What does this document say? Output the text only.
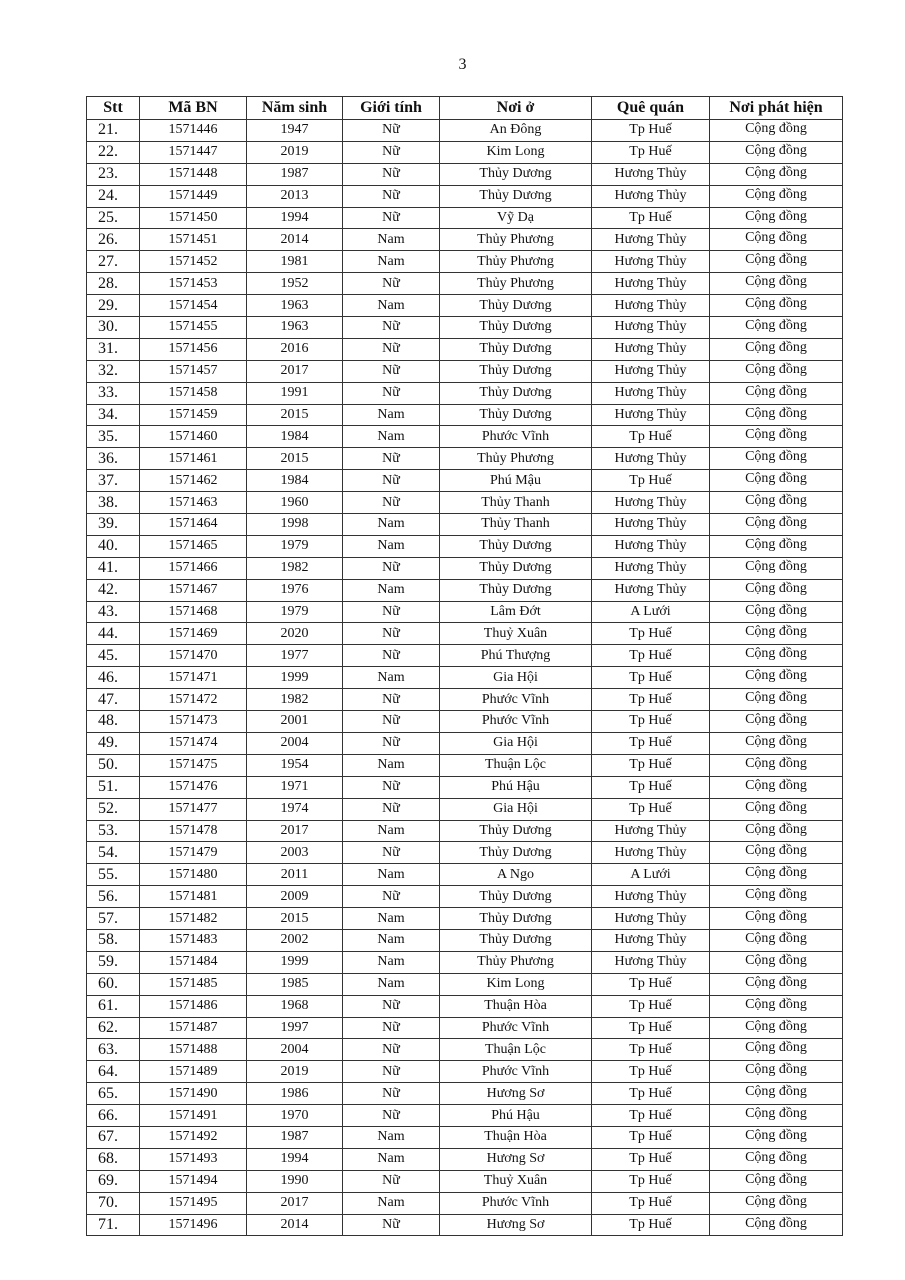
3
Stt	Mã BN	Năm sinh	Giới tính	Nơi ở	Quê quán	Nơi phát hiện
21.	1571446	1947	Nữ	An Đông	Tp Huế	Cộng đồng
22.	1571447	2019	Nữ	Kim Long	Tp Huế	Cộng đồng
23.	1571448	1987	Nữ	Thủy Dương	Hương Thủy	Cộng đồng
24.	1571449	2013	Nữ	Thủy Dương	Hương Thủy	Cộng đồng
25.	1571450	1994	Nữ	Vỹ Dạ	Tp Huế	Cộng đồng
26.	1571451	2014	Nam	Thủy Phương	Hương Thủy	Cộng đồng
27.	1571452	1981	Nam	Thủy Phương	Hương Thủy	Cộng đồng
28.	1571453	1952	Nữ	Thủy Phương	Hương Thủy	Cộng đồng
29.	1571454	1963	Nam	Thủy Dương	Hương Thủy	Cộng đồng
30.	1571455	1963	Nữ	Thủy Dương	Hương Thủy	Cộng đồng
31.	1571456	2016	Nữ	Thủy Dương	Hương Thủy	Cộng đồng
32.	1571457	2017	Nữ	Thủy Dương	Hương Thủy	Cộng đồng
33.	1571458	1991	Nữ	Thủy Dương	Hương Thủy	Cộng đồng
34.	1571459	2015	Nam	Thủy Dương	Hương Thủy	Cộng đồng
35.	1571460	1984	Nam	Phước Vĩnh	Tp Huế	Cộng đồng
36.	1571461	2015	Nữ	Thủy Phương	Hương Thủy	Cộng đồng
37.	1571462	1984	Nữ	Phú Mậu	Tp Huế	Cộng đồng
38.	1571463	1960	Nữ	Thủy Thanh	Hương Thủy	Cộng đồng
39.	1571464	1998	Nam	Thủy Thanh	Hương Thủy	Cộng đồng
40.	1571465	1979	Nam	Thủy Dương	Hương Thủy	Cộng đồng
41.	1571466	1982	Nữ	Thủy Dương	Hương Thủy	Cộng đồng
42.	1571467	1976	Nam	Thủy Dương	Hương Thủy	Cộng đồng
43.	1571468	1979	Nữ	Lâm Đớt	A Lưới	Cộng đồng
44.	1571469	2020	Nữ	Thuỷ Xuân	Tp Huế	Cộng đồng
45.	1571470	1977	Nữ	Phú Thượng	Tp Huế	Cộng đồng
46.	1571471	1999	Nam	Gia Hội	Tp Huế	Cộng đồng
47.	1571472	1982	Nữ	Phước Vĩnh	Tp Huế	Cộng đồng
48.	1571473	2001	Nữ	Phước Vĩnh	Tp Huế	Cộng đồng
49.	1571474	2004	Nữ	Gia Hội	Tp Huế	Cộng đồng
50.	1571475	1954	Nam	Thuận Lộc	Tp Huế	Cộng đồng
51.	1571476	1971	Nữ	Phú Hậu	Tp Huế	Cộng đồng
52.	1571477	1974	Nữ	Gia Hội	Tp Huế	Cộng đồng
53.	1571478	2017	Nam	Thủy Dương	Hương Thủy	Cộng đồng
54.	1571479	2003	Nữ	Thủy Dương	Hương Thủy	Cộng đồng
55.	1571480	2011	Nam	A Ngo	A Lưới	Cộng đồng
56.	1571481	2009	Nữ	Thủy Dương	Hương Thủy	Cộng đồng
57.	1571482	2015	Nam	Thủy Dương	Hương Thủy	Cộng đồng
58.	1571483	2002	Nam	Thủy Dương	Hương Thủy	Cộng đồng
59.	1571484	1999	Nam	Thủy Phương	Hương Thủy	Cộng đồng
60.	1571485	1985	Nam	Kim Long	Tp Huế	Cộng đồng
61.	1571486	1968	Nữ	Thuận Hòa	Tp Huế	Cộng đồng
62.	1571487	1997	Nữ	Phước Vĩnh	Tp Huế	Cộng đồng
63.	1571488	2004	Nữ	Thuận Lộc	Tp Huế	Cộng đồng
64.	1571489	2019	Nữ	Phước Vĩnh	Tp Huế	Cộng đồng
65.	1571490	1986	Nữ	Hương Sơ	Tp Huế	Cộng đồng
66.	1571491	1970	Nữ	Phú Hậu	Tp Huế	Cộng đồng
67.	1571492	1987	Nam	Thuận Hòa	Tp Huế	Cộng đồng
68.	1571493	1994	Nam	Hương Sơ	Tp Huế	Cộng đồng
69.	1571494	1990	Nữ	Thuỷ Xuân	Tp Huế	Cộng đồng
70.	1571495	2017	Nam	Phước Vĩnh	Tp Huế	Cộng đồng
71.	1571496	2014	Nữ	Hương Sơ	Tp Huế	Cộng đồng
